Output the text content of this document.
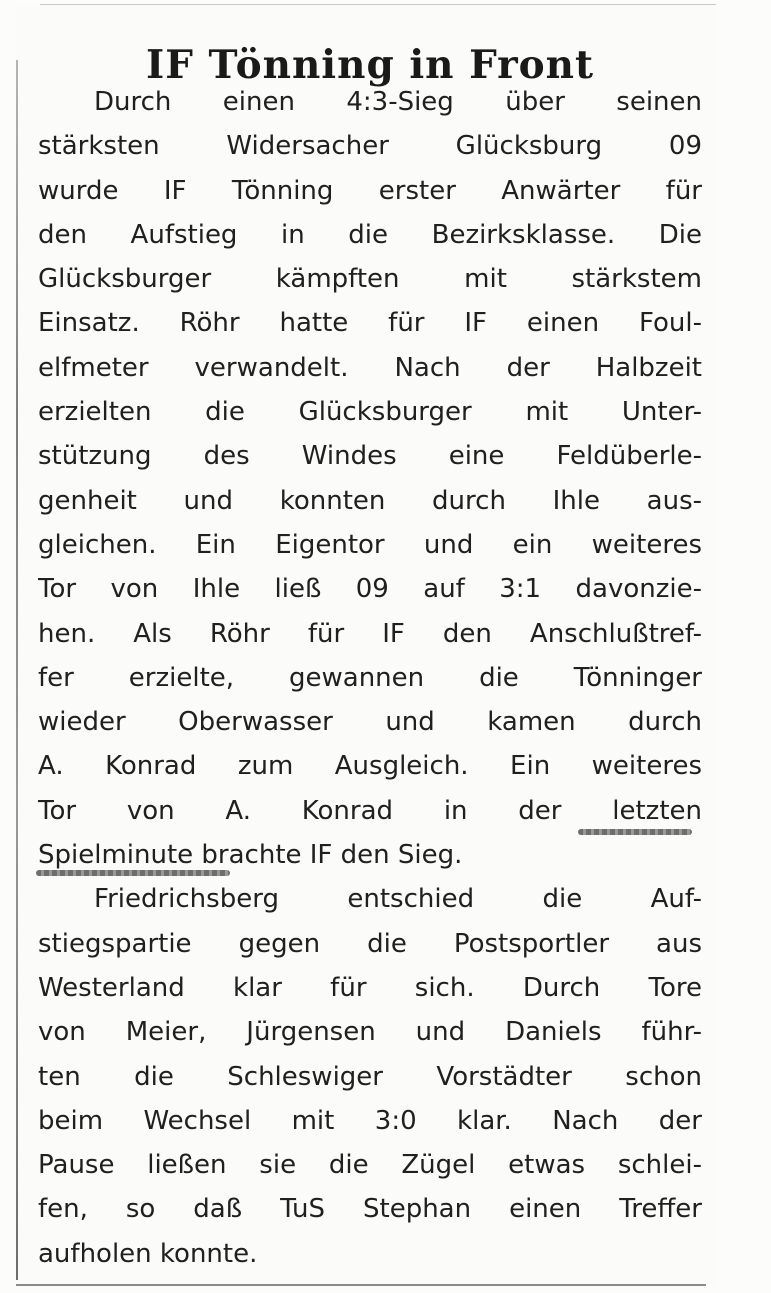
IF Tönning in Front
Durch einen 4:3-Sieg über seinen
stärksten Widersacher Glücksburg 09
wurde IF Tönning erster Anwärter für
den Aufstieg in die Bezirksklasse. Die
Glücksburger kämpften mit stärkstem
Einsatz. Röhr hatte für IF einen Foul-
elfmeter verwandelt. Nach der Halbzeit
erzielten die Glücksburger mit Unter-
stützung des Windes eine Feldüberle-
genheit und konnten durch Ihle aus-
gleichen. Ein Eigentor und ein weiteres
Tor von Ihle ließ 09 auf 3:1 davonzie-
hen. Als Röhr für IF den Anschlußtref-
fer erzielte, gewannen die Tönninger
wieder Oberwasser und kamen durch
A. Konrad zum Ausgleich. Ein weiteres
Tor von A. Konrad in der letzten
Spielminute brachte IF den Sieg.
Friedrichsberg entschied die Auf-
stiegspartie gegen die Postsportler aus
Westerland klar für sich. Durch Tore
von Meier, Jürgensen und Daniels führ-
ten die Schleswiger Vorstädter schon
beim Wechsel mit 3:0 klar. Nach der
Pause ließen sie die Zügel etwas schlei-
fen, so daß TuS Stephan einen Treffer
aufholen konnte.
